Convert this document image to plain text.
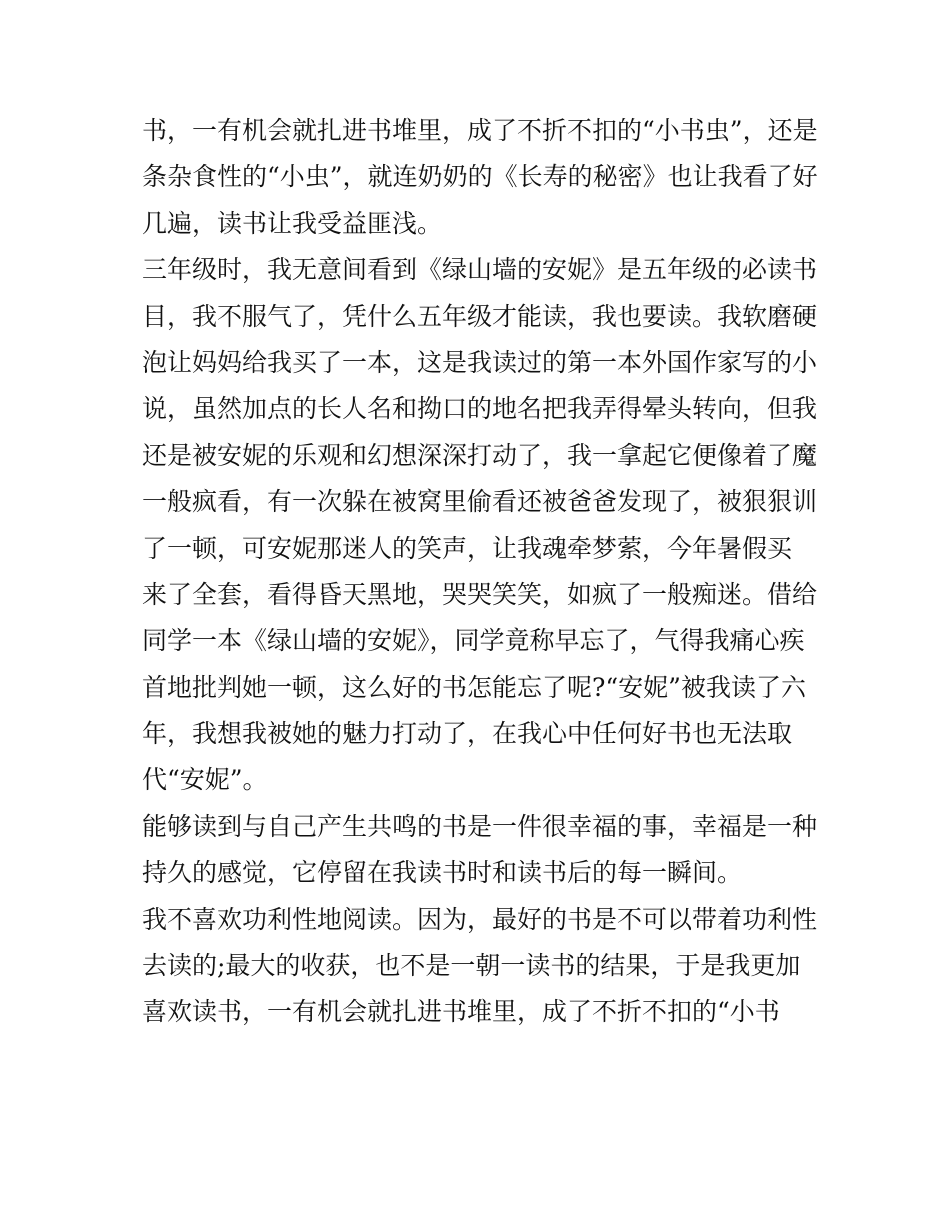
书，一有机会就扎进书堆里，成了不折不扣的“小书虫”，还是

条杂食性的“小虫”，就连奶奶的《长寿的秘密》也让我看了好

几遍，读书让我受益匪浅。

三年级时，我无意间看到《绿山墙的安妮》是五年级的必读书

目，我不服气了，凭什么五年级才能读，我也要读。我软磨硬

泡让妈妈给我买了一本，这是我读过的第一本外国作家写的小

说，虽然加点的长人名和拗口的地名把我弄得晕头转向，但我

还是被安妮的乐观和幻想深深打动了，我一拿起它便像着了魔

一般疯看，有一次躲在被窝里偷看还被爸爸发现了，被狠狠训

了一顿，可安妮那迷人的笑声，让我魂牵梦萦，今年暑假买

来了全套，看得昏天黑地，哭哭笑笑，如疯了一般痴迷。借给

同学一本《绿山墙的安妮》，同学竟称早忘了，气得我痛心疾

首地批判她一顿，这么好的书怎能忘了呢?“安妮”被我读了六

年，我想我被她的魅力打动了，在我心中任何好书也无法取

代“安妮”。

能够读到与自己产生共鸣的书是一件很幸福的事，幸福是一种

持久的感觉，它停留在我读书时和读书后的每一瞬间。

我不喜欢功利性地阅读。因为，最好的书是不可以带着功利性

去读的;最大的收获，也不是一朝一读书的结果，于是我更加

喜欢读书，一有机会就扎进书堆里，成了不折不扣的“小书
